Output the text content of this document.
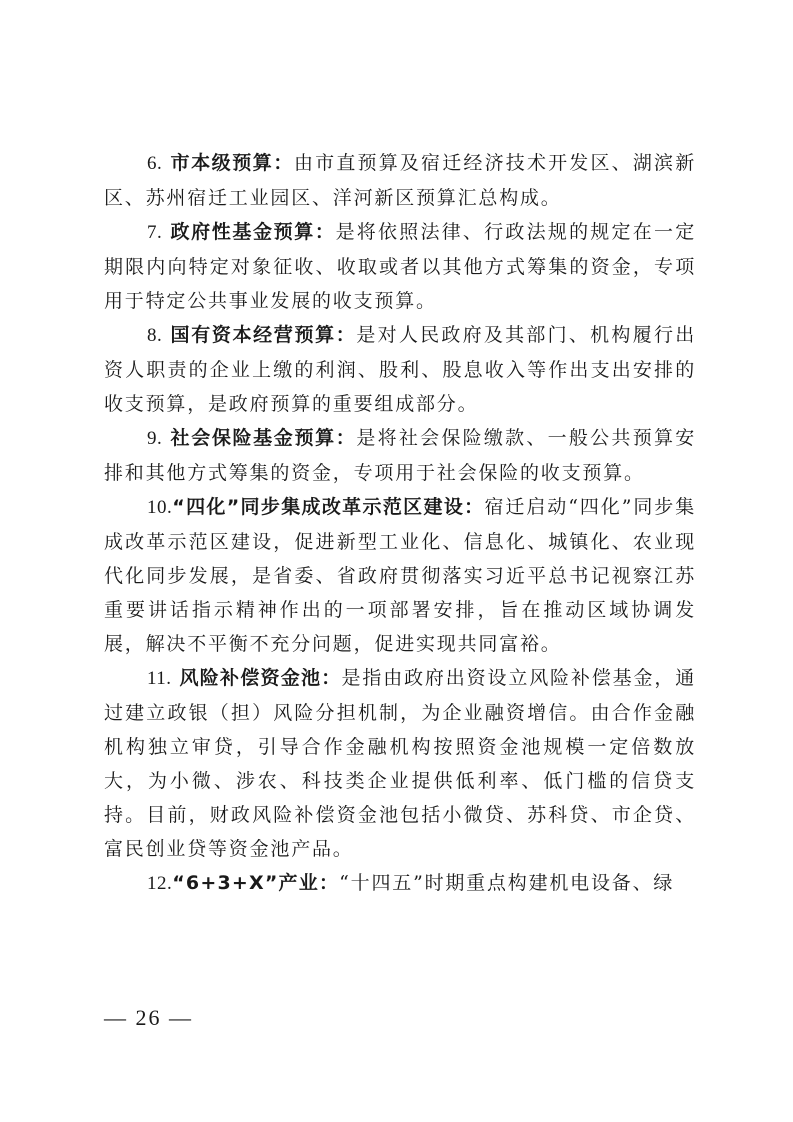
6. 市本级预算：由市直预算及宿迁经济技术开发区、湖滨新区、苏州宿迁工业园区、洋河新区预算汇总构成。

7. 政府性基金预算：是将依照法律、行政法规的规定在一定期限内向特定对象征收、收取或者以其他方式筹集的资金，专项用于特定公共事业发展的收支预算。

8. 国有资本经营预算：是对人民政府及其部门、机构履行出资人职责的企业上缴的利润、股利、股息收入等作出支出安排的收支预算，是政府预算的重要组成部分。

9. 社会保险基金预算：是将社会保险缴款、一般公共预算安排和其他方式筹集的资金，专项用于社会保险的收支预算。

10.“四化”同步集成改革示范区建设：宿迁启动“四化”同步集成改革示范区建设，促进新型工业化、信息化、城镇化、农业现代化同步发展，是省委、省政府贯彻落实习近平总书记视察江苏重要讲话指示精神作出的一项部署安排，旨在推动区域协调发展，解决不平衡不充分问题，促进实现共同富裕。

11. 风险补偿资金池：是指由政府出资设立风险补偿基金，通过建立政银（担）风险分担机制，为企业融资增信。由合作金融机构独立审贷，引导合作金融机构按照资金池规模一定倍数放大，为小微、涉农、科技类企业提供低利率、低门槛的信贷支持。目前，财政风险补偿资金池包括小微贷、苏科贷、市企贷、富民创业贷等资金池产品。

12.“6+3+X”产业：“十四五”时期重点构建机电设备、绿

— 26 —
